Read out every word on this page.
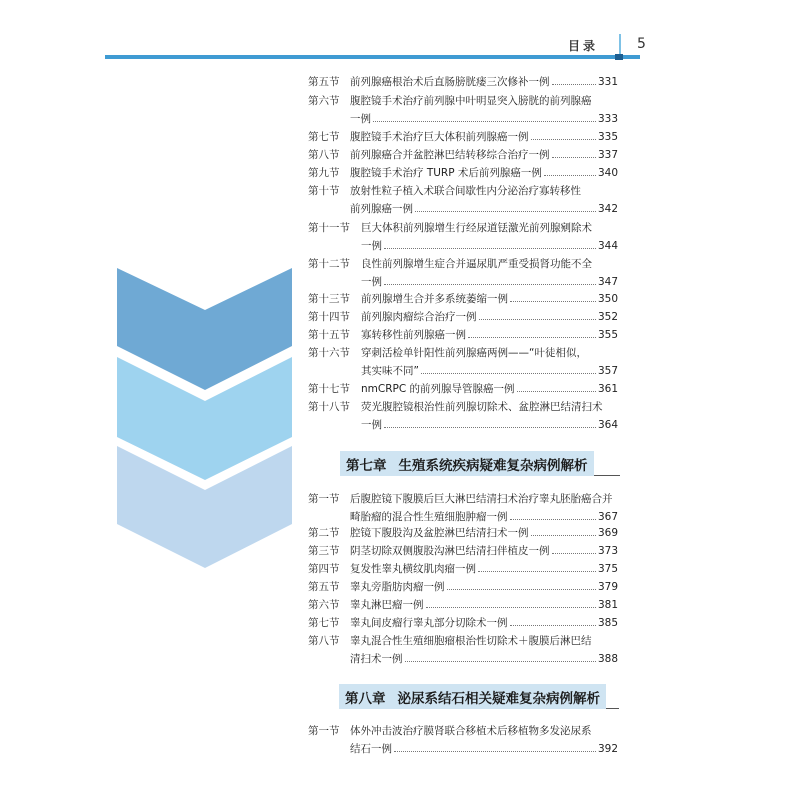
目录	5
第七章 生殖系统疾病疑难复杂病例解析
第八章 泌尿系结石相关疑难复杂病例解析
第五节 前列腺癌根治术后直肠膀胱瘘三次修补一例	331
第六节 腹腔镜手术治疗前列腺中叶明显突入膀胱的前列腺癌
一例	333
第七节 腹腔镜手术治疗巨大体积前列腺癌一例	335
第八节 前列腺癌合并盆腔淋巴结转移综合治疗一例	337
第九节 腹腔镜手术治疗 TURP 术后前列腺癌一例	340
第十节 放射性粒子植入术联合间歇性内分泌治疗寡转移性
前列腺癌一例	342
第十一节 巨大体积前列腺增生行经尿道铥激光前列腺剜除术
一例	344
第十二节 良性前列腺增生症合并逼尿肌严重受损肾功能不全
一例	347
第十三节 前列腺增生合并多系统萎缩一例	350
第十四节 前列腺肉瘤综合治疗一例	352
第十五节 寡转移性前列腺癌一例	355
第十六节 穿刺活检单针阳性前列腺癌两例——“叶徒相似，
其实味不同”	357
第十七节 nmCRPC 的前列腺导管腺癌一例	361
第十八节 荧光腹腔镜根治性前列腺切除术、盆腔淋巴结清扫术
一例	364
第一节 后腹腔镜下腹膜后巨大淋巴结清扫术治疗睾丸胚胎癌合并
畸胎瘤的混合性生殖细胞肿瘤一例	367
第二节 腔镜下腹股沟及盆腔淋巴结清扫术一例	369
第三节 阴茎切除双侧腹股沟淋巴结清扫伴植皮一例	373
第四节 复发性睾丸横纹肌肉瘤一例	375
第五节 睾丸旁脂肪肉瘤一例	379
第六节 睾丸淋巴瘤一例	381
第七节 睾丸间皮瘤行睾丸部分切除术一例	385
第八节 睾丸混合性生殖细胞瘤根治性切除术＋腹膜后淋巴结
清扫术一例	388
第一节 体外冲击波治疗膜肾联合移植术后移植物多发泌尿系
结石一例	392
